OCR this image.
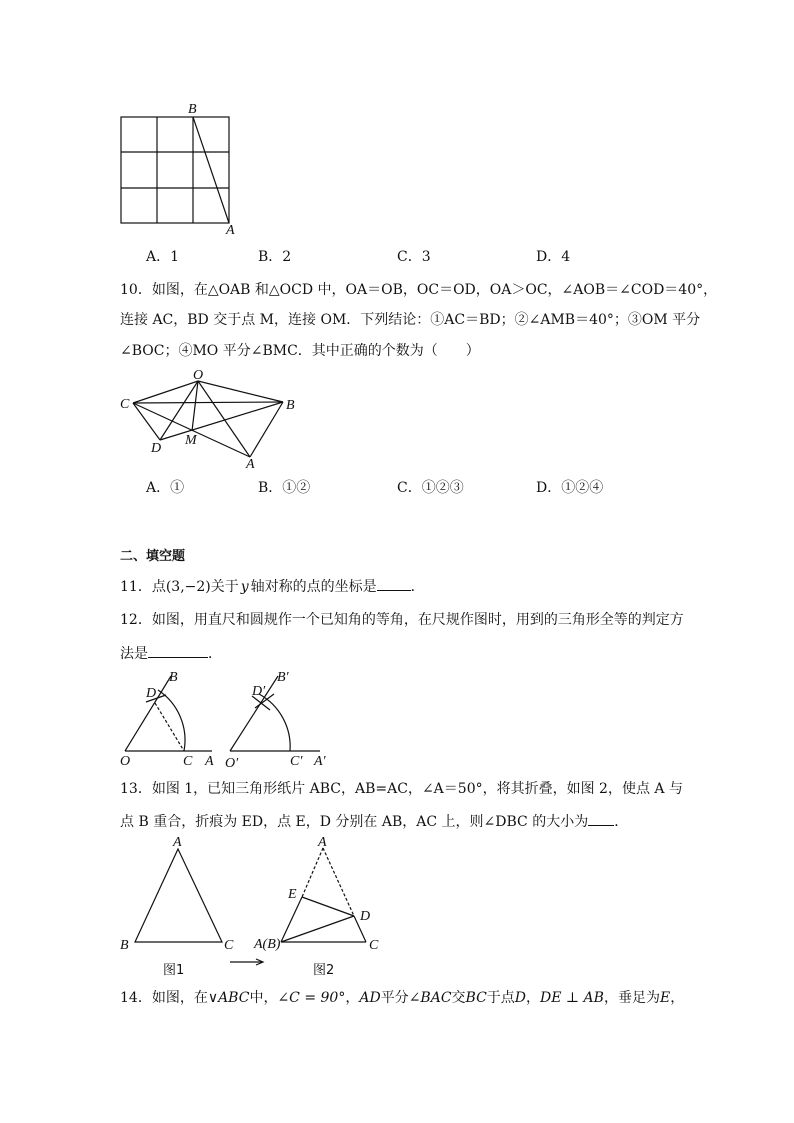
B
A
A．1	B．2	C．3	D．4
10．如图，在△OAB 和△OCD 中，OA＝OB，OC＝OD，OA＞OC，∠AOB＝∠COD＝40°，
连接 AC，BD 交于点 M，连接 OM．下列结论：①AC＝BD；②∠AMB＝40°；③OM 平分
∠BOC；④MO 平分∠BMC．其中正确的个数为（　　）
O
C	B
D
M
A
A．①	B．①②	C．①②③	D．①②④
二、填空题
11．点(3,−2)关于 y 轴对称的点的坐标是 ．
12．如图，用直尺和圆规作一个已知角的等角，在尺规作图时，用到的三角形全等的判定方
法是	．
D
B
O	C A
D′
B′
O′	C′ A′
13．如图 1，已知三角形纸片 ABC，AB=AC，∠A＝50°，将其折叠，如图 2，使点 A 与
点 B 重合，折痕为 ED，点 E，D 分别在 AB，AC 上，则∠DBC 的大小为 ．
A
B	C
图1
A
E
D
A(B)	C
图2
14．如图，在∨ABC中，∠C = 90°，AD平分∠BAC交BC于点D，DE ⊥ AB，垂足为E，
